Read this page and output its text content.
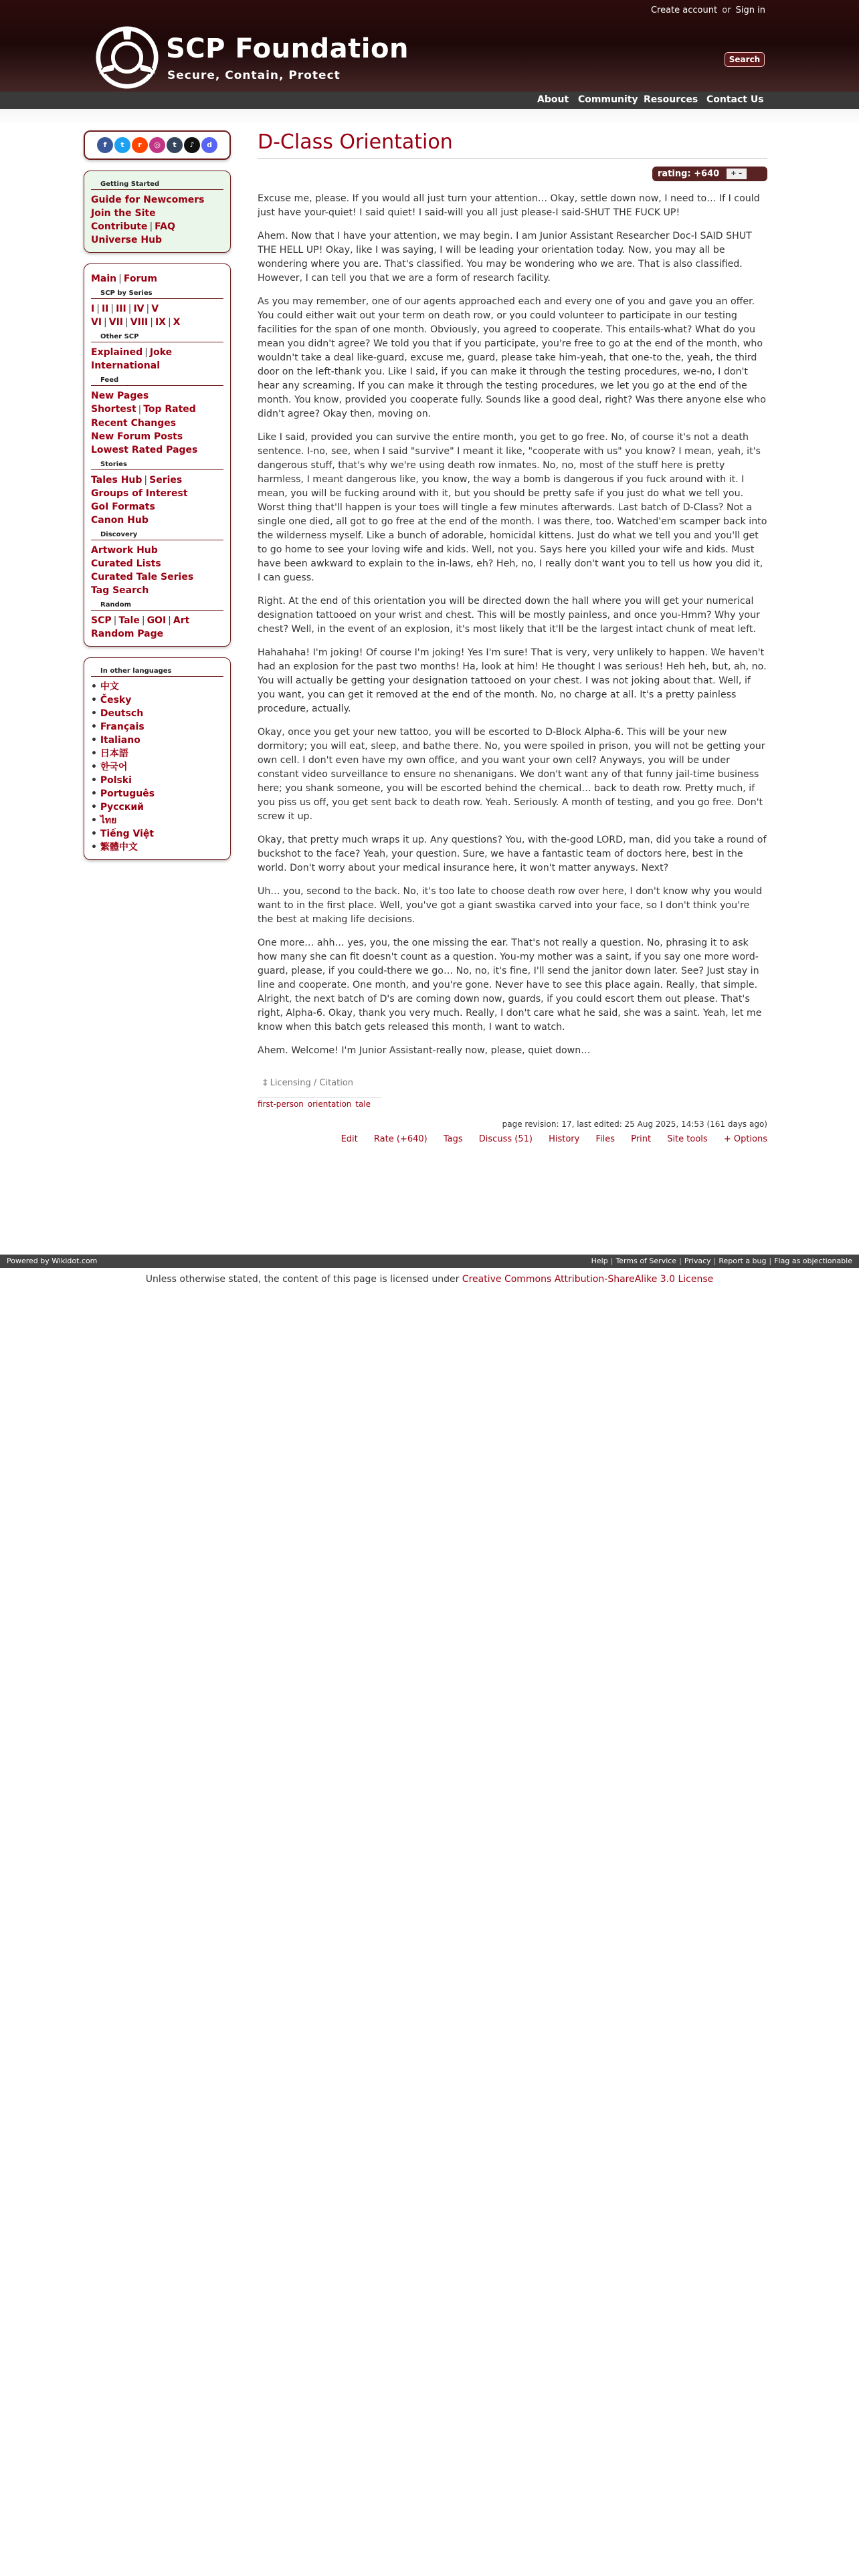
Create account or Sign in
SCP Foundation
Secure, Contain, Protect
Search
About Community Resources Contact Us
f	t	r	◎	t	♪	d
Getting Started
Guide for Newcomers
Join the Site
Contribute | FAQ
Universe Hub
Main | Forum
SCP by Series
I | II | III | IV | V
VI | VII | VIII | IX | X
Other SCP
Explained | Joke
International
Feed
New Pages
Shortest | Top Rated
Recent Changes
New Forum Posts
Lowest Rated Pages
Stories
Tales Hub | Series
Groups of Interest
GoI Formats
Canon Hub
Discovery
Artwork Hub
Curated Lists
Curated Tale Series
Tag Search
Random
SCP | Tale | GOI | Art
Random Page
In other languages
• 中文
• Česky
• Deutsch
• Français
• Italiano
• 日本語
• 한국어
• Polski
• Português
• Русский
• ไทย
• Tiếng Việt
• 繁體中文
D-Class Orientation
rating: +640 + –

Excuse me, please. If you would all just turn your attention… Okay, settle down now, I need to… If I could just have your-quiet! I said quiet! I said-will you all just please-I said-SHUT THE FUCK UP!

Ahem. Now that I have your attention, we may begin. I am Junior Assistant Researcher Doc-I SAID SHUT THE HELL UP! Okay, like I was saying, I will be leading your orientation today. Now, you may all be wondering where you are. That's classified. You may be wondering who we are. That is also classified. However, I can tell you that we are a form of research facility.

As you may remember, one of our agents approached each and every one of you and gave you an offer. You could either wait out your term on death row, or you could volunteer to participate in our testing facilities for the span of one month. Obviously, you agreed to cooperate. This entails-what? What do you mean you didn't agree? We told you that if you participate, you're free to go at the end of the month, who wouldn't take a deal like-guard, excuse me, guard, please take him-yeah, that one-to the, yeah, the third door on the left-thank you. Like I said, if you can make it through the testing procedures, we-no, I don't hear any screaming. If you can make it through the testing procedures, we let you go at the end of the month. You know, provided you cooperate fully. Sounds like a good deal, right? Was there anyone else who didn't agree? Okay then, moving on.

Like I said, provided you can survive the entire month, you get to go free. No, of course it's not a death sentence. I-no, see, when I said "survive" I meant it like, "cooperate with us" you know? I mean, yeah, it's dangerous stuff, that's why we're using death row inmates. No, no, most of the stuff here is pretty harmless, I meant dangerous like, you know, the way a bomb is dangerous if you fuck around with it. I mean, you will be fucking around with it, but you should be pretty safe if you just do what we tell you. Worst thing that'll happen is your toes will tingle a few minutes afterwards. Last batch of D-Class? Not a single one died, all got to go free at the end of the month. I was there, too. Watched'em scamper back into the wilderness myself. Like a bunch of adorable, homicidal kittens. Just do what we tell you and you'll get to go home to see your loving wife and kids. Well, not you. Says here you killed your wife and kids. Must have been awkward to explain to the in-laws, eh? Heh, no, I really don't want you to tell us how you did it, I can guess.

Right. At the end of this orientation you will be directed down the hall where you will get your numerical designation tattooed on your wrist and chest. This will be mostly painless, and once you-Hmm? Why your chest? Well, in the event of an explosion, it's most likely that it'll be the largest intact chunk of meat left.

Hahahaha! I'm joking! Of course I'm joking! Yes I'm sure! That is very, very unlikely to happen. We haven't had an explosion for the past two months! Ha, look at him! He thought I was serious! Heh heh, but, ah, no. You will actually be getting your designation tattooed on your chest. I was not joking about that. Well, if you want, you can get it removed at the end of the month. No, no charge at all. It's a pretty painless procedure, actually.

Okay, once you get your new tattoo, you will be escorted to D-Block Alpha-6. This will be your new dormitory; you will eat, sleep, and bathe there. No, you were spoiled in prison, you will not be getting your own cell. I don't even have my own office, and you want your own cell? Anyways, you will be under constant video surveillance to ensure no shenanigans. We don't want any of that funny jail-time business here; you shank someone, you will be escorted behind the chemical… back to death row. Pretty much, if you piss us off, you get sent back to death row. Yeah. Seriously. A month of testing, and you go free. Don't screw it up.

Okay, that pretty much wraps it up. Any questions? You, with the-good LORD, man, did you take a round of buckshot to the face? Yeah, your question. Sure, we have a fantastic team of doctors here, best in the world. Don't worry about your medical insurance here, it won't matter anyways. Next?

Uh… you, second to the back. No, it's too late to choose death row over here, I don't know why you would want to in the first place. Well, you've got a giant swastika carved into your face, so I don't think you're the best at making life decisions.

One more… ahh… yes, you, the one missing the ear. That's not really a question. No, phrasing it to ask how many she can fit doesn't count as a question. You-my mother was a saint, if you say one more word-guard, please, if you could-there we go… No, no, it's fine, I'll send the janitor down later. See? Just stay in line and cooperate. One month, and you're gone. Never have to see this place again. Really, that simple. Alright, the next batch of D's are coming down now, guards, if you could escort them out please. That's right, Alpha-6. Okay, thank you very much. Really, I don't care what he said, she was a saint. Yeah, let me know when this batch gets released this month, I want to watch.

Ahem. Welcome! I'm Junior Assistant-really now, please, quiet down…

‡ Licensing / Citation
first-person orientation tale
page revision: 17, last edited: 25 Aug 2025, 14:53 (161 days ago)
Edit Rate (+640) Tags Discuss (51) History Files Print Site tools + Options
Powered by Wikidot.com	Help | Terms of Service | Privacy | Report a bug | Flag as objectionable
Unless otherwise stated, the content of this page is licensed under Creative Commons Attribution-ShareAlike 3.0 License
